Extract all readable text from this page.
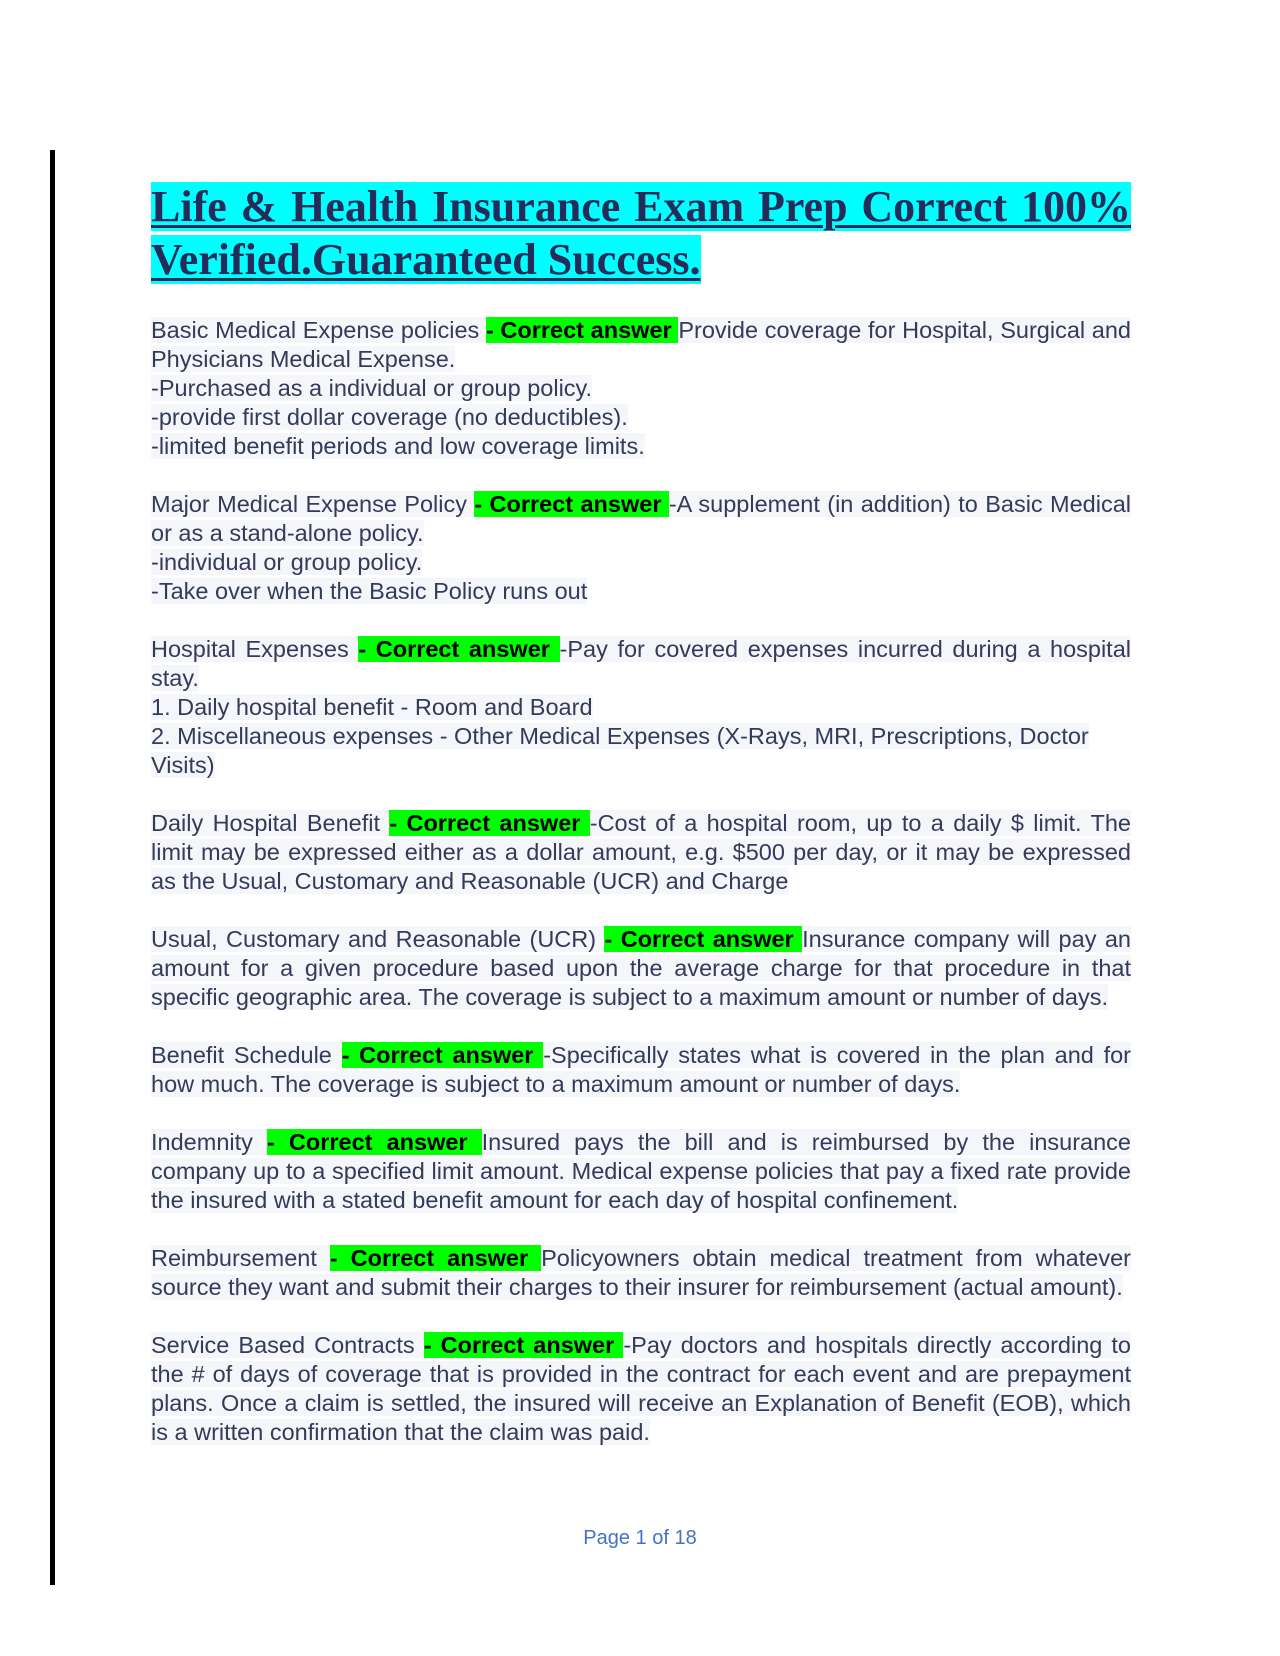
Life & Health Insurance Exam Prep Correct 100% Verified.Guaranteed Success.

Basic Medical Expense policies - Correct answer Provide coverage for Hospital, Surgical and Physicians Medical Expense.
-Purchased as a individual or group policy.
-provide first dollar coverage (no deductibles).
-limited benefit periods and low coverage limits.

Major Medical Expense Policy - Correct answer -A supplement (in addition) to Basic Medical or as a stand-alone policy.
-individual or group policy.
-Take over when the Basic Policy runs out

Hospital Expenses - Correct answer -Pay for covered expenses incurred during a hospital stay.
1. Daily hospital benefit - Room and Board
2. Miscellaneous expenses - Other Medical Expenses (X-Rays, MRI, Prescriptions, Doctor Visits)

Daily Hospital Benefit - Correct answer -Cost of a hospital room, up to a daily $ limit. The limit may be expressed either as a dollar amount, e.g. $500 per day, or it may be expressed as the Usual, Customary and Reasonable (UCR) and Charge

Usual, Customary and Reasonable (UCR) - Correct answer Insurance company will pay an amount for a given procedure based upon the average charge for that procedure in that specific geographic area. The coverage is subject to a maximum amount or number of days.

Benefit Schedule - Correct answer -Specifically states what is covered in the plan and for how much. The coverage is subject to a maximum amount or number of days.

Indemnity - Correct answer Insured pays the bill and is reimbursed by the insurance company up to a specified limit amount. Medical expense policies that pay a fixed rate provide the insured with a stated benefit amount for each day of hospital confinement.

Reimbursement - Correct answer Policyowners obtain medical treatment from whatever source they want and submit their charges to their insurer for reimbursement (actual amount).

Service Based Contracts - Correct answer -Pay doctors and hospitals directly according to the # of days of coverage that is provided in the contract for each event and are prepayment plans. Once a claim is settled, the insured will receive an Explanation of Benefit (EOB), which is a written confirmation that the claim was paid.

Page 1 of 18
